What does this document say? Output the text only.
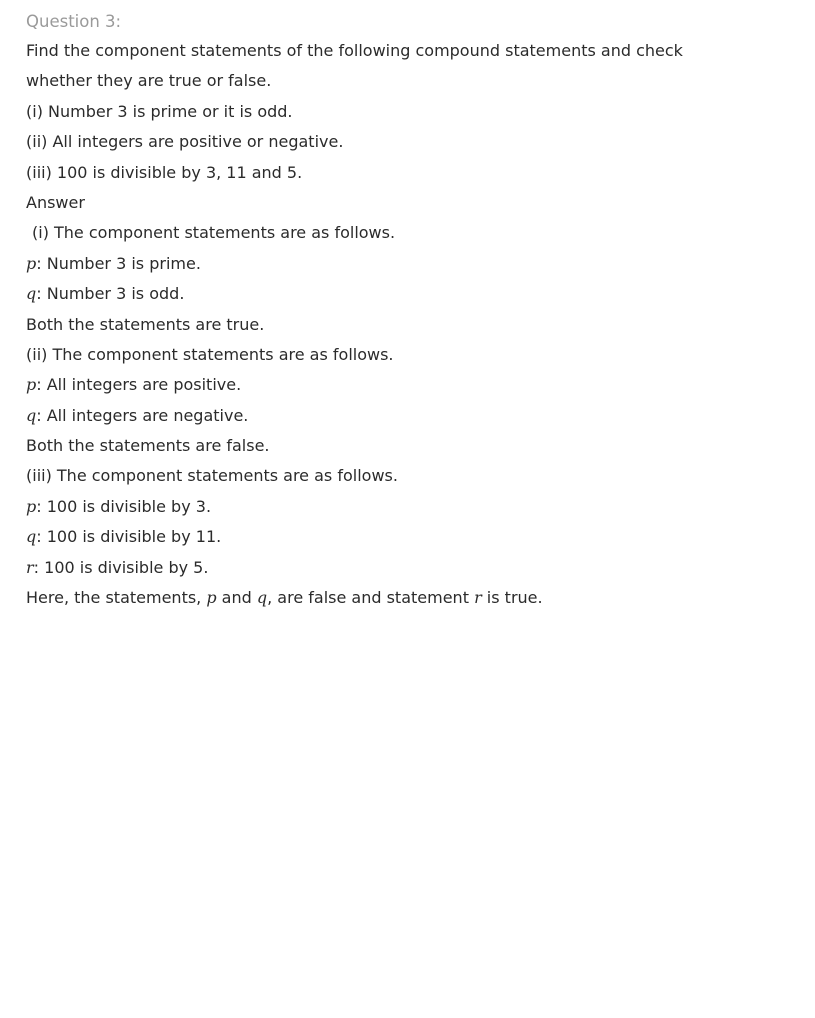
Question 3:
Find the component statements of the following compound statements and check
whether they are true or false.
(i) Number 3 is prime or it is odd.
(ii) All integers are positive or negative.
(iii) 100 is divisible by 3, 11 and 5.
Answer
(i) The component statements are as follows.
p: Number 3 is prime.
q: Number 3 is odd.
Both the statements are true.
(ii) The component statements are as follows.
p: All integers are positive.
q: All integers are negative.
Both the statements are false.
(iii) The component statements are as follows.
p: 100 is divisible by 3.
q: 100 is divisible by 11.
r: 100 is divisible by 5.
Here, the statements, p and q, are false and statement r is true.
